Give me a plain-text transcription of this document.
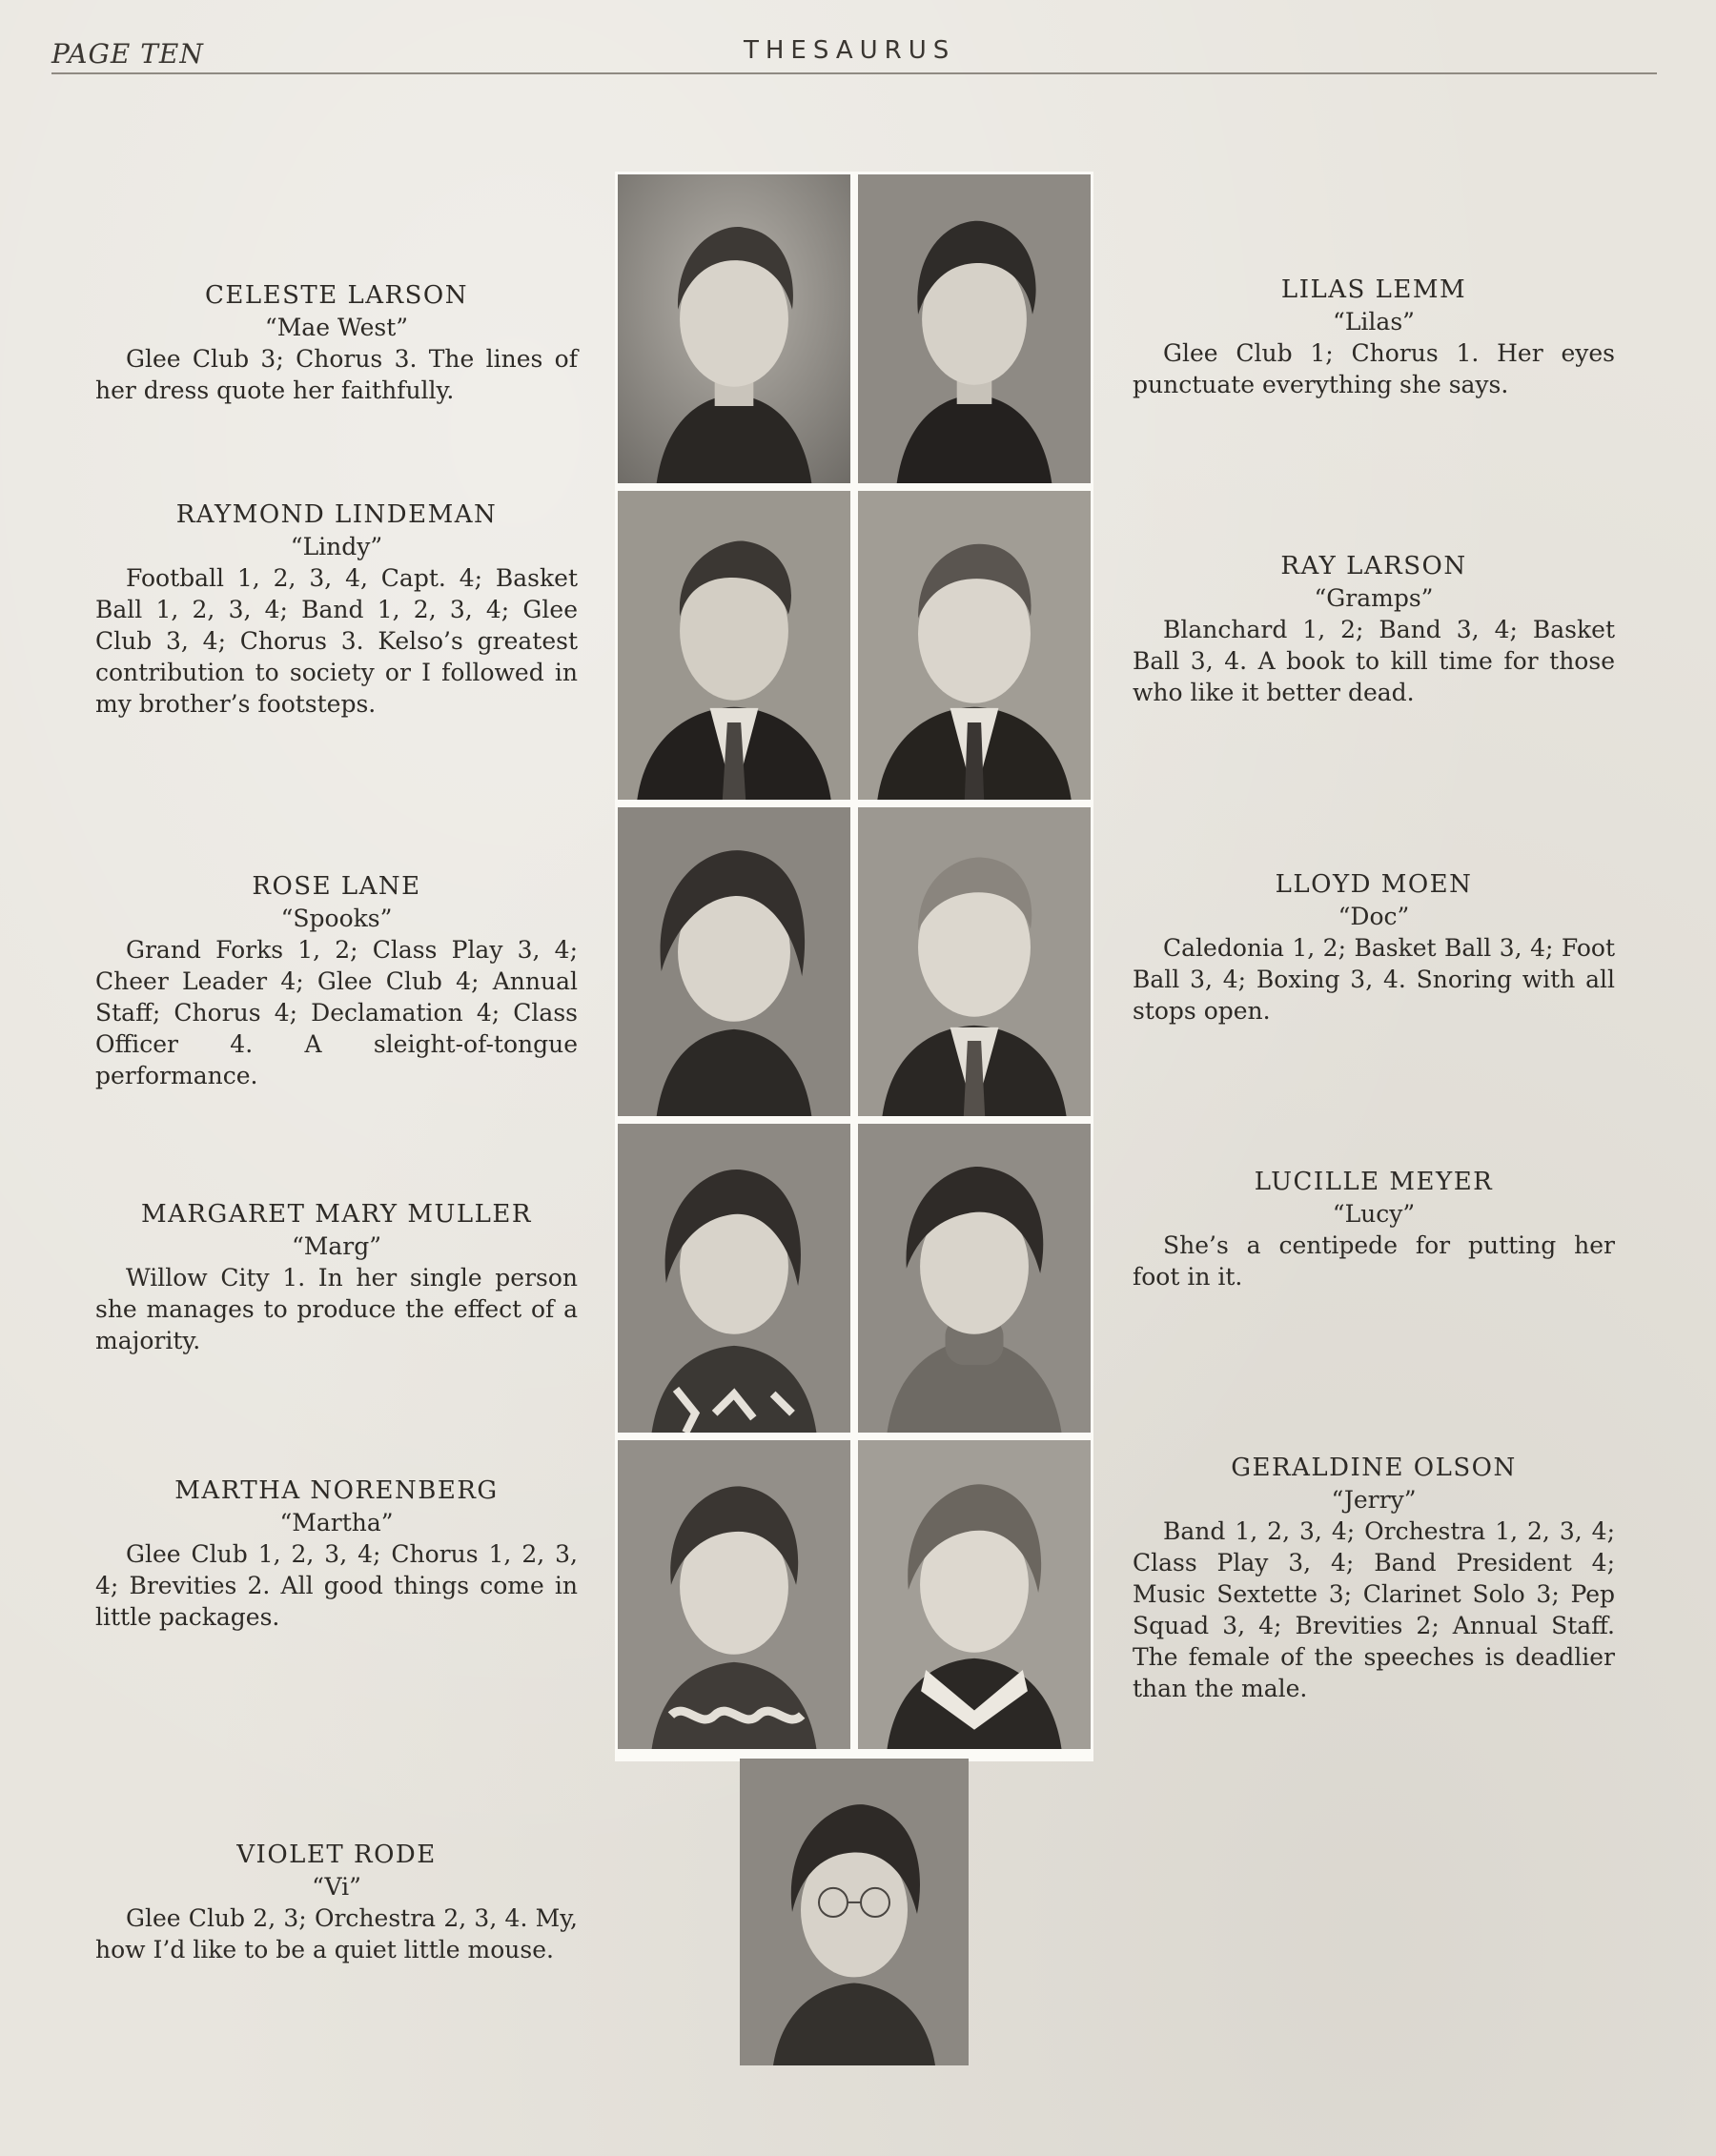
PAGE TEN	THESAURUS
CELESTE LARSON
“Mae West”
Glee Club 3; Chorus 3. The lines of her dress quote her faithfully.
RAYMOND LINDEMAN
“Lindy”
Football 1, 2, 3, 4, Capt. 4; Basket Ball 1, 2, 3, 4; Band 1, 2, 3, 4; Glee Club 3, 4; Chorus 3. Kelso’s greatest contribution to society or I followed in my brother’s footsteps.
ROSE LANE
“Spooks”
Grand Forks 1, 2; Class Play 3, 4; Cheer Leader 4; Glee Club 4; Annual Staff; Chorus 4; Declamation 4; Class Officer 4. A sleight-of-tongue performance.
MARGARET MARY MULLER
“Marg”
Willow City 1. In her single person she manages to produce the effect of a majority.
MARTHA NORENBERG
“Martha”
Glee Club 1, 2, 3, 4; Chorus 1, 2, 3, 4; Brevities 2. All good things come in little packages.
VIOLET RODE
“Vi”
Glee Club 2, 3; Orchestra 2, 3, 4. My, how I’d like to be a quiet little mouse.
LILAS LEMM
“Lilas”
Glee Club 1; Chorus 1. Her eyes punctuate everything she says.
RAY LARSON
“Gramps”
Blanchard 1, 2; Band 3, 4; Basket Ball 3, 4. A book to kill time for those who like it better dead.
LLOYD MOEN
“Doc”
Caledonia 1, 2; Basket Ball 3, 4; Foot Ball 3, 4; Boxing 3, 4. Snoring with all stops open.
LUCILLE MEYER
“Lucy”
She’s a centipede for putting her foot in it.
GERALDINE OLSON
“Jerry”
Band 1, 2, 3, 4; Orchestra 1, 2, 3, 4; Class Play 3, 4; Band President 4; Music Sextette 3; Clarinet Solo 3; Pep Squad 3, 4; Brevities 2; Annual Staff. The female of the speeches is deadlier than the male.
